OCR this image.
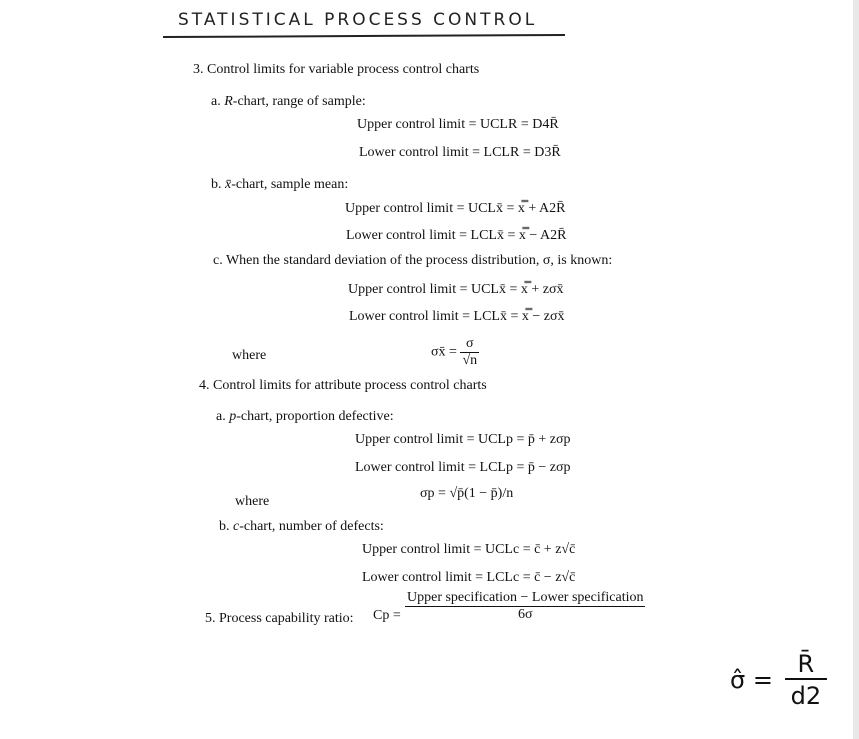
STATISTICAL PROCESS CONTROL
3. Control limits for variable process control charts
a. R-chart, range of sample:
Upper control limit = UCLR = D4R̄
Lower control limit = LCLR = D3R̄
b. x̄-chart, sample mean:
Upper control limit = UCLx̄ = x̿ + A2R̄
Lower control limit = LCLx̄ = x̿ − A2R̄
c. When the standard deviation of the process distribution, σ, is known:
Upper control limit = UCLx̄ = x̿ + zσx̄
Lower control limit = LCLx̄ = x̿ − zσx̄
where	σx̄ = $\frac{\sigma}{√n}$
4. Control limits for attribute process control charts
a. p-chart, proportion defective:
Upper control limit = UCLp = p̄ + zσp
Lower control limit = LCLp = p̄ − zσp
where
σp = √p̄(1 − p̄)/n
b. c-chart, number of defects:
Upper control limit = UCLc = c̄ + z√c̄
Lower control limit = LCLc = c̄ − z√c̄
5. Process capability ratio: $Cp = \frac{\text{Upper specification − Lower specification}}{6\sigma}$
σ̂ = $\frac{R̄}{d2}$
